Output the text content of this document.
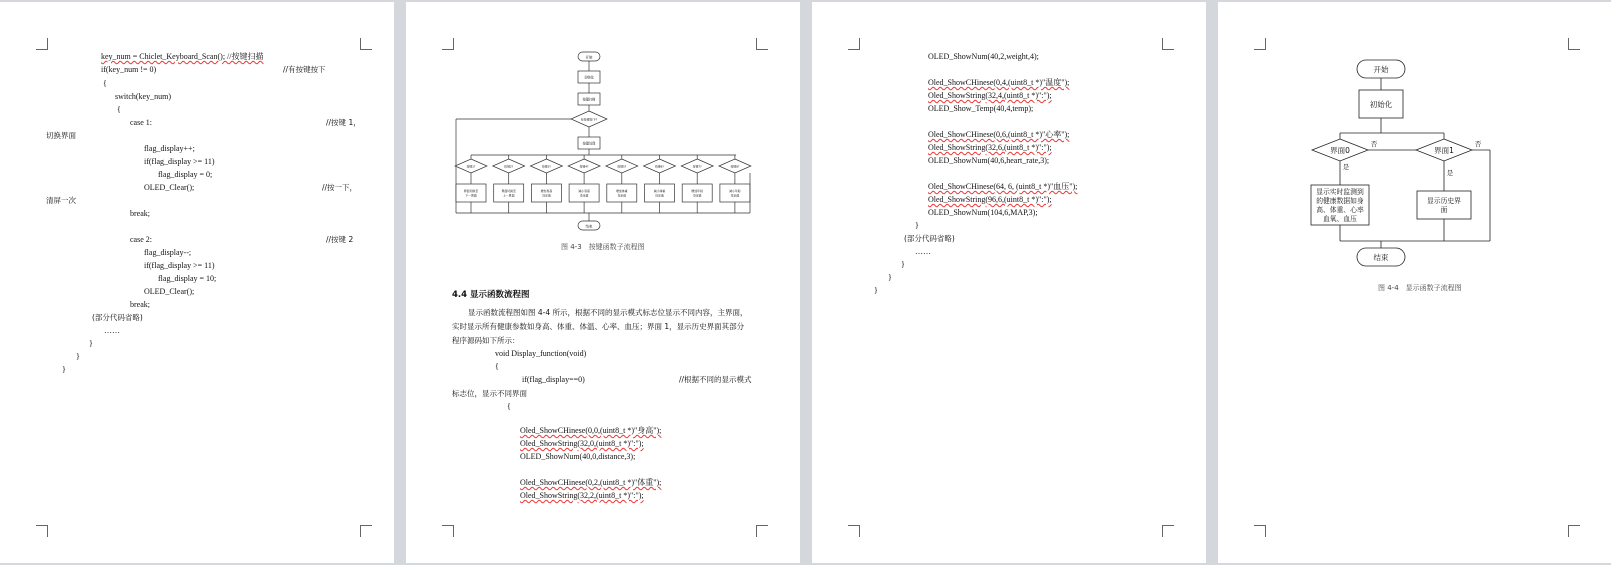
key_num = Chiclet_Keyboard_Scan(); //按键扫描
if(key_num != 0)	//有按键按下
{
switch(key_num)
{
case 1:	//按键 1，
切换界面
flag_display++;
if(flag_display >= 11)
flag_display = 0;
OLED_Clear();	//按一下，
清屏一次
break;
case 2:	//按键 2
flag_display--;
if(flag_display >= 11)
flag_display = 10;
OLED_Clear();
break;
(部分代码省略)
……
}
}
}
按键1?
界面切换至
下一界面
按键2?
界面切换至
上一界面
按键3?
增加身高
设定值
按键4?
减小身高
设定值
按键5?
增加体重
设定值
按键6?
减小体重
设定值
按键7?
增加年龄
设定值
按键8?
减小年龄
设定值
开始
初始化
按键扫描
有按键按下?
按键处理
结束
图 4-3　按键函数子流程图
4.4 显示函数流程图
显示函数流程图如图 4-4 所示，根据不同的显示模式标志位显示不同内容，主界面，
实时显示所有健康参数如身高、体重、体温、心率、血压；界面 1，显示历史界面其部分
程序源码如下所示：
void Display_function(void)
{
if(flag_display==0)	//根据不同的显示模式
标志位，显示不同界面
{
Oled_ShowCHinese(0,0,(uint8_t *)"身高");
Oled_ShowString(32,0,(uint8_t *)":");
OLED_ShowNum(40,0,distance,3);
Oled_ShowCHinese(0,2,(uint8_t *)"体重");
Oled_ShowString(32,2,(uint8_t *)":");
OLED_ShowNum(40,2,weight,4);
Oled_ShowCHinese(0,4,(uint8_t *)"温度");
Oled_ShowString(32,4,(uint8_t *)":");
OLED_Show_Temp(40,4,temp);
Oled_ShowCHinese(0,6,(uint8_t *)"心率");
Oled_ShowString(32,6,(uint8_t *)":");
OLED_ShowNum(40,6,heart_rate,3);
Oled_ShowCHinese(64, 6, (uint8_t *)"血压");
Oled_ShowString(96,6,(uint8_t *)":");
OLED_ShowNum(104,6,MAP,3);
}
(部分代码省略)
……
}
}
}
开始
初始化
界面0	界面1
是
是
否	否
显示实时监测到
的健康数据如身
高、体重、心率
血氧、血压
显示历史界
面
结束
图 4-4　显示函数子流程图
